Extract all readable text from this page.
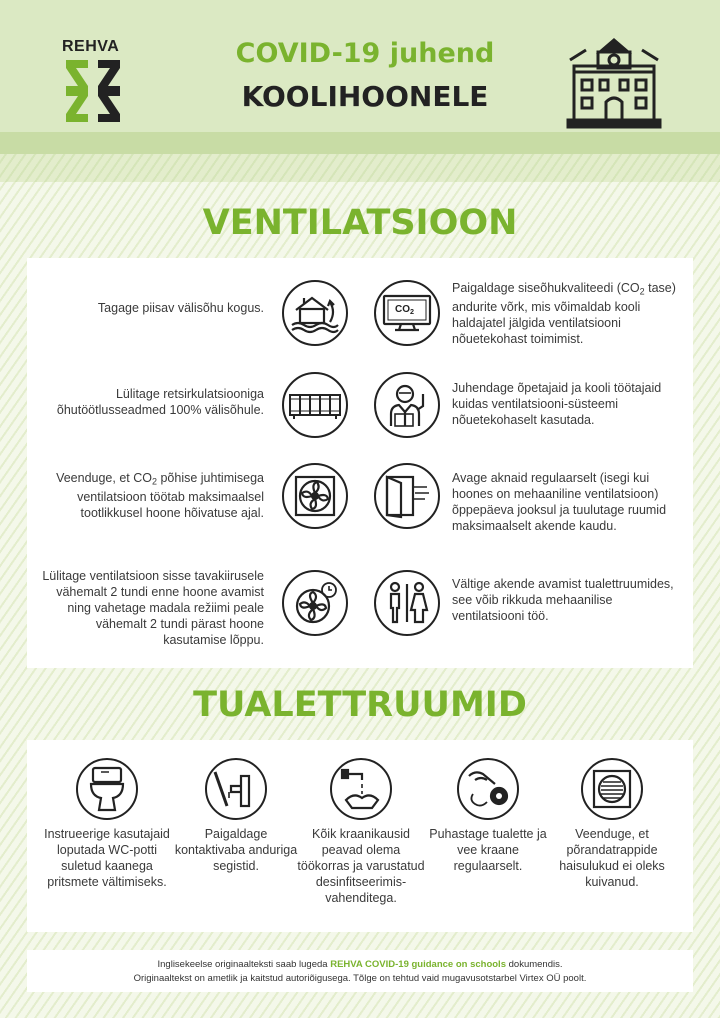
REHVA	COVID-19 juhend
KOOLIHOONELE
VENTILATSIOON
Tagage piisav välisõhu kogus.	$CO_2$
Paigaldage siseõhukvaliteedi ($CO_2$ tase) andurite võrk, mis võimaldab kooli haldajatel jälgida ventilatsiooni nõuetekohast toimimist.
Lülitage retsirkulatsiooniga õhutöötlusseadmed 100% välisõhule.
Juhendage õpetajaid ja kooli töötajaid kuidas ventilatsiooni-süsteemi nõuetekohaselt kasutada.
Veenduge, et $CO_2$ põhise juhtimisega ventilatsioon töötab maksimaalsel tootlikkusel hoone hõivatuse ajal.
Avage aknaid regulaarselt (isegi kui hoones on mehaaniline ventilatsioon) õppepäeva jooksul ja tuulutage ruumid maksimaalselt akende kaudu.
Lülitage ventilatsioon sisse tavakiirusele vähemalt 2 tundi enne hoone avamist ning vahetage madala režiimi peale vähemalt 2 tundi pärast hoone kasutamise lõppu.
Vältige akende avamist tualettruumides, see võib rikkuda mehaanilise ventilatsiooni töö.
TUALETTRUUMID
Instrueerige kasutajaid loputada WC-potti suletud kaanega pritsmete vältimiseks.
Paigaldage kontaktivaba anduriga segistid.
Kõik kraanikausid peavad olema töökorras ja varustatud desinfitseerimis-vahenditega.
Puhastage tualette ja vee kraane regulaarselt.
Veenduge, et põrandatrappide haisulukud ei oleks kuivanud.
Inglisekeelse originaalteksti saab lugeda REHVA COVID-19 guidance on schools dokumendis.
Originaaltekst on ametlik ja kaitstud autoriõigusega. Tõlge on tehtud vaid mugavusotstarbel Virtex OÜ poolt.
